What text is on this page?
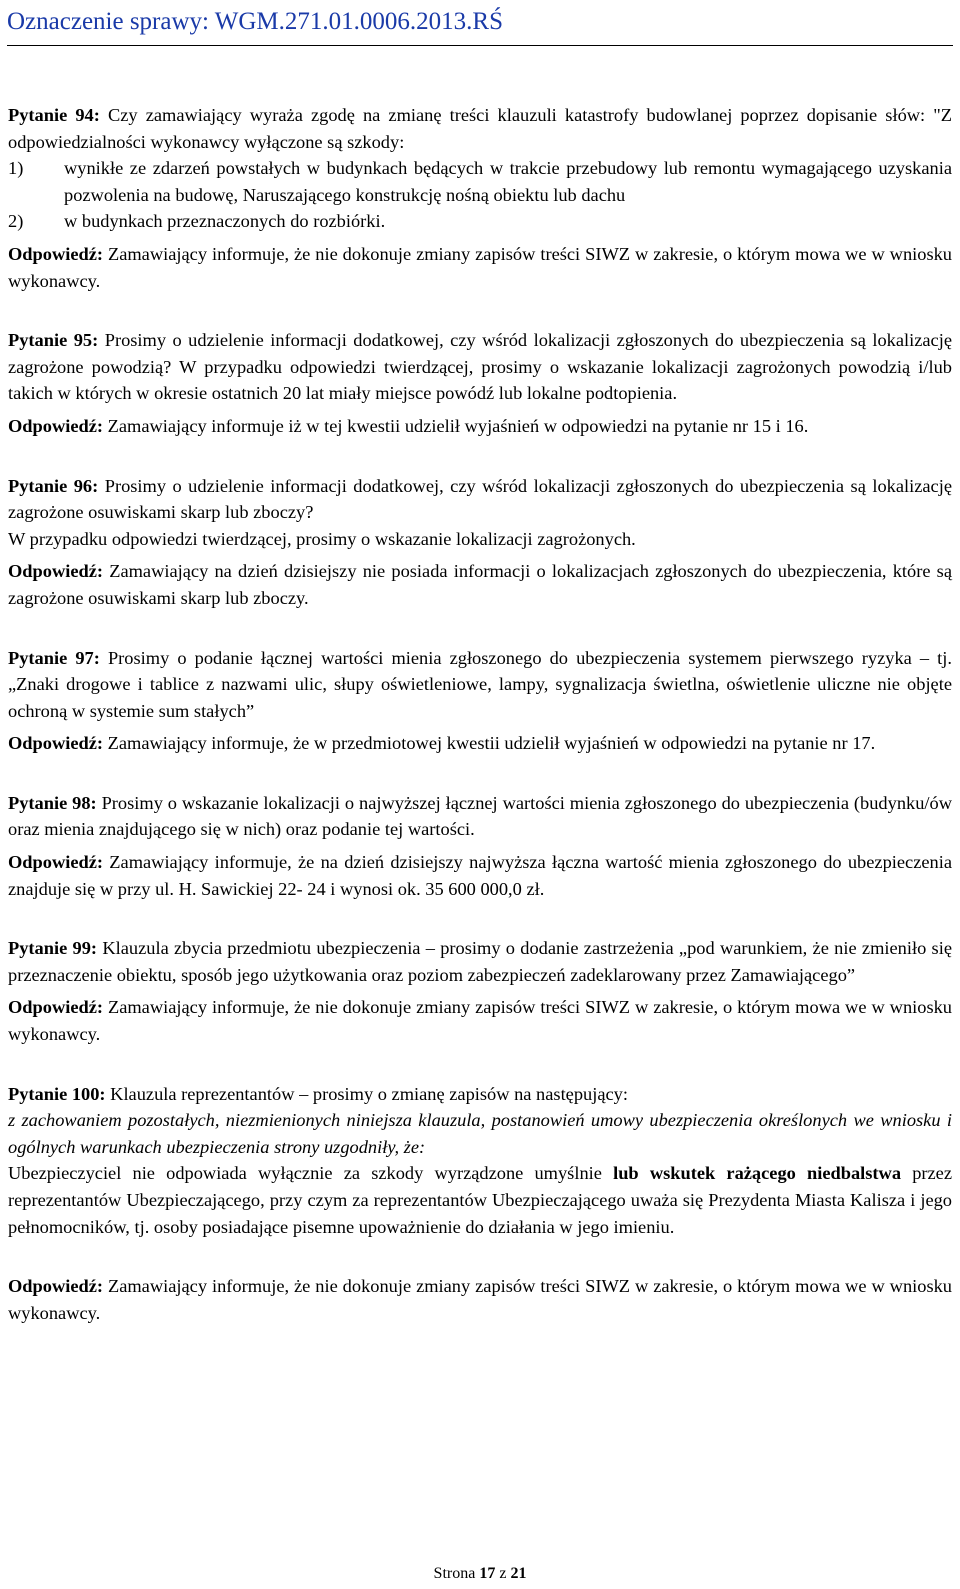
Oznaczenie sprawy: WGM.271.01.0006.2013.RŚ
Pytanie 94: Czy zamawiający wyraża zgodę na zmianę treści klauzuli katastrofy budowlanej poprzez dopisanie słów: "Z odpowiedzialności wykonawcy wyłączone są szkody:
1)	wynikłe ze zdarzeń powstałych w budynkach będących w trakcie przebudowy lub remontu wymagającego uzyskania pozwolenia na budowę, Naruszającego konstrukcję nośną obiektu lub dachu
2)	w budynkach przeznaczonych do rozbiórki.
Odpowiedź: Zamawiający informuje, że nie dokonuje zmiany zapisów treści SIWZ w zakresie, o którym mowa we w wniosku wykonawcy.
Pytanie 95: Prosimy o udzielenie informacji dodatkowej, czy wśród lokalizacji zgłoszonych do ubezpieczenia są lokalizację zagrożone powodzią? W przypadku odpowiedzi twierdzącej, prosimy o wskazanie lokalizacji zagrożonych powodzią i/lub takich w których w okresie ostatnich 20 lat miały miejsce powódź lub lokalne podtopienia.
Odpowiedź: Zamawiający informuje iż w tej kwestii udzielił wyjaśnień w odpowiedzi na pytanie nr 15 i 16.
Pytanie 96: Prosimy o udzielenie informacji dodatkowej, czy wśród lokalizacji zgłoszonych do ubezpieczenia są lokalizację zagrożone osuwiskami skarp lub zboczy?
W przypadku odpowiedzi twierdzącej, prosimy o wskazanie lokalizacji zagrożonych.
Odpowiedź: Zamawiający na dzień dzisiejszy nie posiada informacji o lokalizacjach zgłoszonych do ubezpieczenia, które są zagrożone osuwiskami skarp lub zboczy.
Pytanie 97: Prosimy o podanie łącznej wartości mienia zgłoszonego do ubezpieczenia systemem pierwszego ryzyka – tj. „Znaki drogowe i tablice z nazwami ulic, słupy oświetleniowe, lampy, sygnalizacja świetlna, oświetlenie uliczne nie objęte ochroną w systemie sum stałych”
Odpowiedź: Zamawiający informuje, że w przedmiotowej kwestii udzielił wyjaśnień w odpowiedzi na pytanie nr 17.
Pytanie 98: Prosimy o wskazanie lokalizacji o najwyższej łącznej wartości mienia zgłoszonego do ubezpieczenia (budynku/ów oraz mienia znajdującego się w nich) oraz podanie tej wartości.
Odpowiedź: Zamawiający informuje, że na dzień dzisiejszy najwyższa łączna wartość mienia zgłoszonego do ubezpieczenia znajduje się w przy ul. H. Sawickiej 22- 24 i wynosi ok. 35 600 000,0 zł.
Pytanie 99: Klauzula zbycia przedmiotu ubezpieczenia – prosimy o dodanie zastrzeżenia „pod warunkiem, że nie zmieniło się przeznaczenie obiektu, sposób jego użytkowania oraz poziom zabezpieczeń zadeklarowany przez Zamawiającego”
Odpowiedź: Zamawiający informuje, że nie dokonuje zmiany zapisów treści SIWZ w zakresie, o którym mowa we w wniosku wykonawcy.
Pytanie 100: Klauzula reprezentantów – prosimy o zmianę zapisów na następujący:
z zachowaniem pozostałych, niezmienionych niniejsza klauzula, postanowień umowy ubezpieczenia określonych we wniosku i ogólnych warunkach ubezpieczenia strony uzgodniły, że:
Ubezpieczyciel nie odpowiada wyłącznie za szkody wyrządzone umyślnie lub wskutek rażącego niedbalstwa przez reprezentantów Ubezpieczającego, przy czym za reprezentantów Ubezpieczającego uważa się Prezydenta Miasta Kalisza i jego pełnomocników, tj. osoby posiadające pisemne upoważnienie do działania w jego imieniu.
Odpowiedź: Zamawiający informuje, że nie dokonuje zmiany zapisów treści SIWZ w zakresie, o którym mowa we w wniosku wykonawcy.
Strona 17 z 21
